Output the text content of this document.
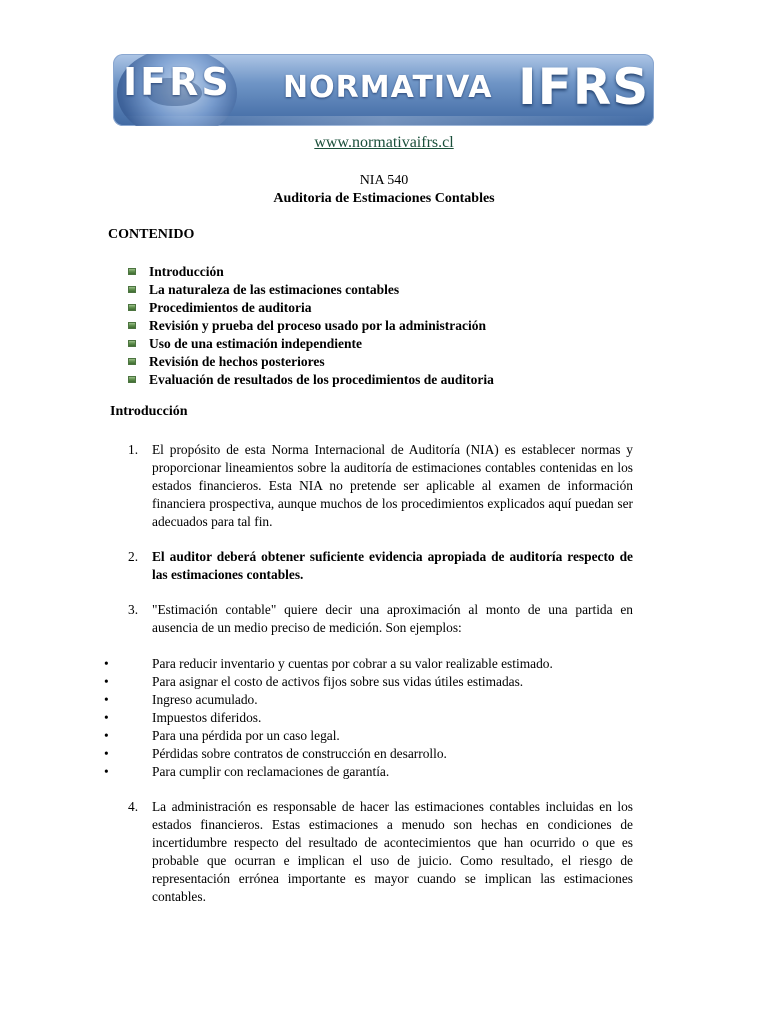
IFRS NORMATIVA IFRS
www.normativaifrs.cl
NIA 540
Auditoria de Estimaciones Contables
CONTENIDO
Introducción
La naturaleza de las estimaciones contables
Procedimientos de auditoria
Revisión y prueba del proceso usado por la administración
Uso de una estimación independiente
Revisión de hechos posteriores
Evaluación de resultados de los procedimientos de auditoria
Introducción
1. El propósito de esta Norma Internacional de Auditoría (NIA) es establecer normas y proporcionar lineamientos sobre la auditoría de estimaciones contables contenidas en los estados financieros. Esta NIA no pretende ser aplicable al examen de información financiera prospectiva, aunque muchos de los procedimientos explicados aquí puedan ser adecuados para tal fin.
2. El auditor deberá obtener suficiente evidencia apropiada de auditoría respecto de las estimaciones contables.
3. "Estimación contable" quiere decir una aproximación al monto de una partida en ausencia de un medio preciso de medición. Son ejemplos:
•	Para reducir inventario y cuentas por cobrar a su valor realizable estimado.
•	Para asignar el costo de activos fijos sobre sus vidas útiles estimadas.
•	Ingreso acumulado.
•	Impuestos diferidos.
•	Para una pérdida por un caso legal.
•	Pérdidas sobre contratos de construcción en desarrollo.
•	Para cumplir con reclamaciones de garantía.
4. La administración es responsable de hacer las estimaciones contables incluidas en los estados financieros. Estas estimaciones a menudo son hechas en condiciones de incertidumbre respecto del resultado de acontecimientos que han ocurrido o que es probable que ocurran e implican el uso de juicio. Como resultado, el riesgo de representación errónea importante es mayor cuando se implican las estimaciones contables.
